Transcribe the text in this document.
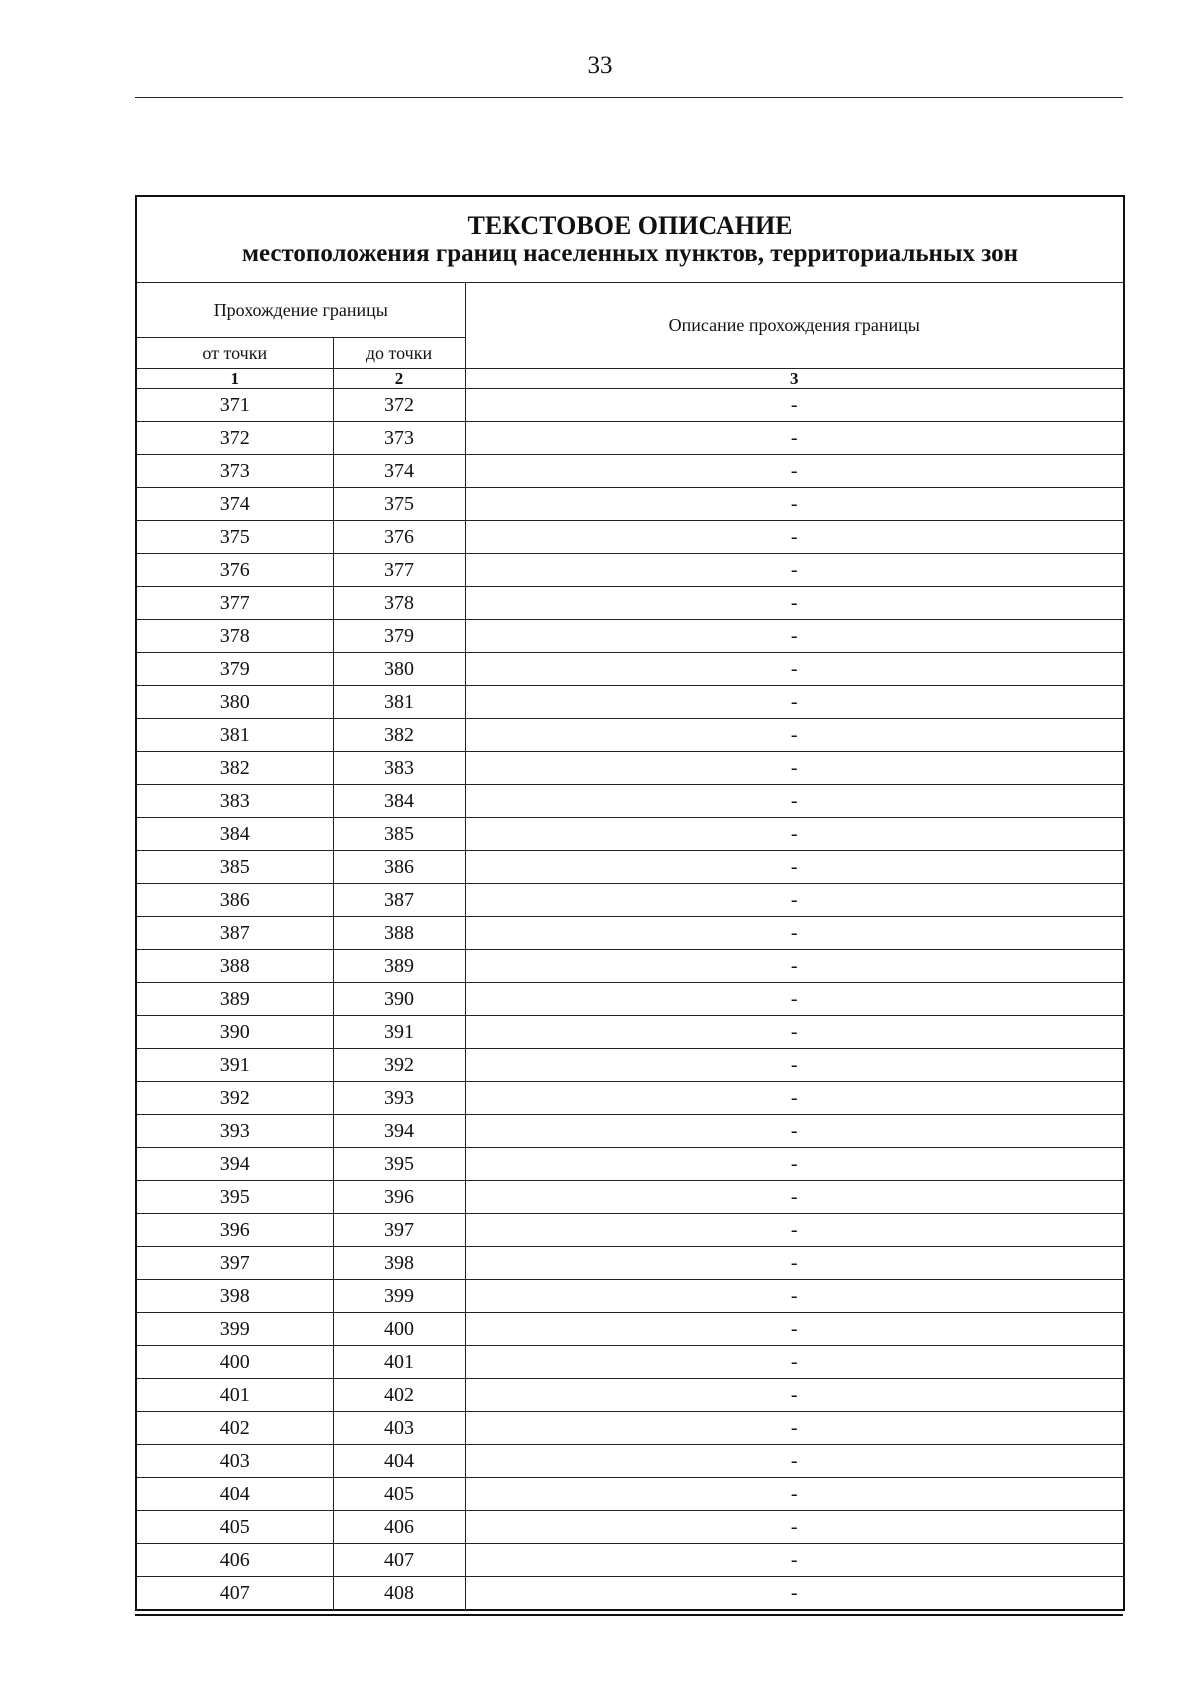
33
ТЕКСТОВОЕ ОПИСАНИЕ
местоположения границ населенных пунктов, территориальных зон		

Прохождение границы		Описание прохождения границы
от точки	до точки	
1	2	3
371	372	-
372	373	-
373	374	-
374	375	-
375	376	-
376	377	-
377	378	-
378	379	-
379	380	-
380	381	-
381	382	-
382	383	-
383	384	-
384	385	-
385	386	-
386	387	-
387	388	-
388	389	-
389	390	-
390	391	-
391	392	-
392	393	-
393	394	-
394	395	-
395	396	-
396	397	-
397	398	-
398	399	-
399	400	-
400	401	-
401	402	-
402	403	-
403	404	-
404	405	-
405	406	-
406	407	-
407	408	-
